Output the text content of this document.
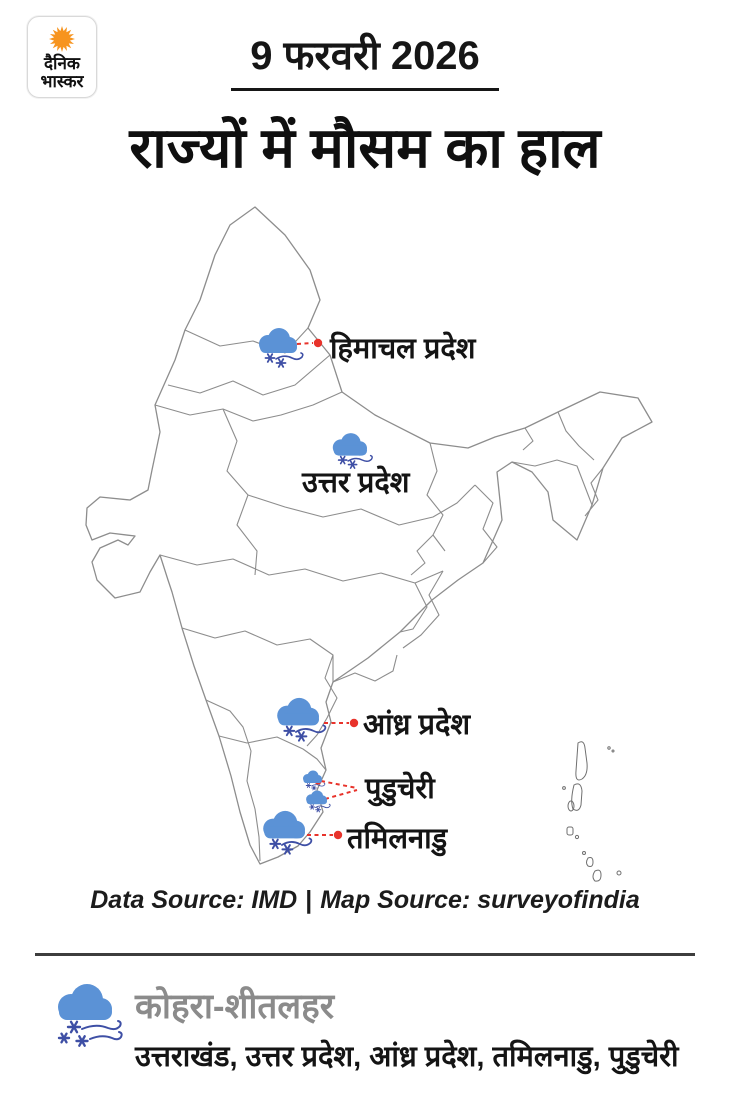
दैनिक
भास्कर
9 फरवरी 2026
राज्यों में मौसम का हाल
हिमाचल प्रदेश
उत्तर प्रदेश
आंध्र प्रदेश
पुडुचेरी
तमिलनाडु
Data Source: IMD | Map Source: surveyofindia
कोहरा-शीतलहर
उत्तराखंड, उत्तर प्रदेश, आंध्र प्रदेश, तमिलनाडु, पुडुचेरी
